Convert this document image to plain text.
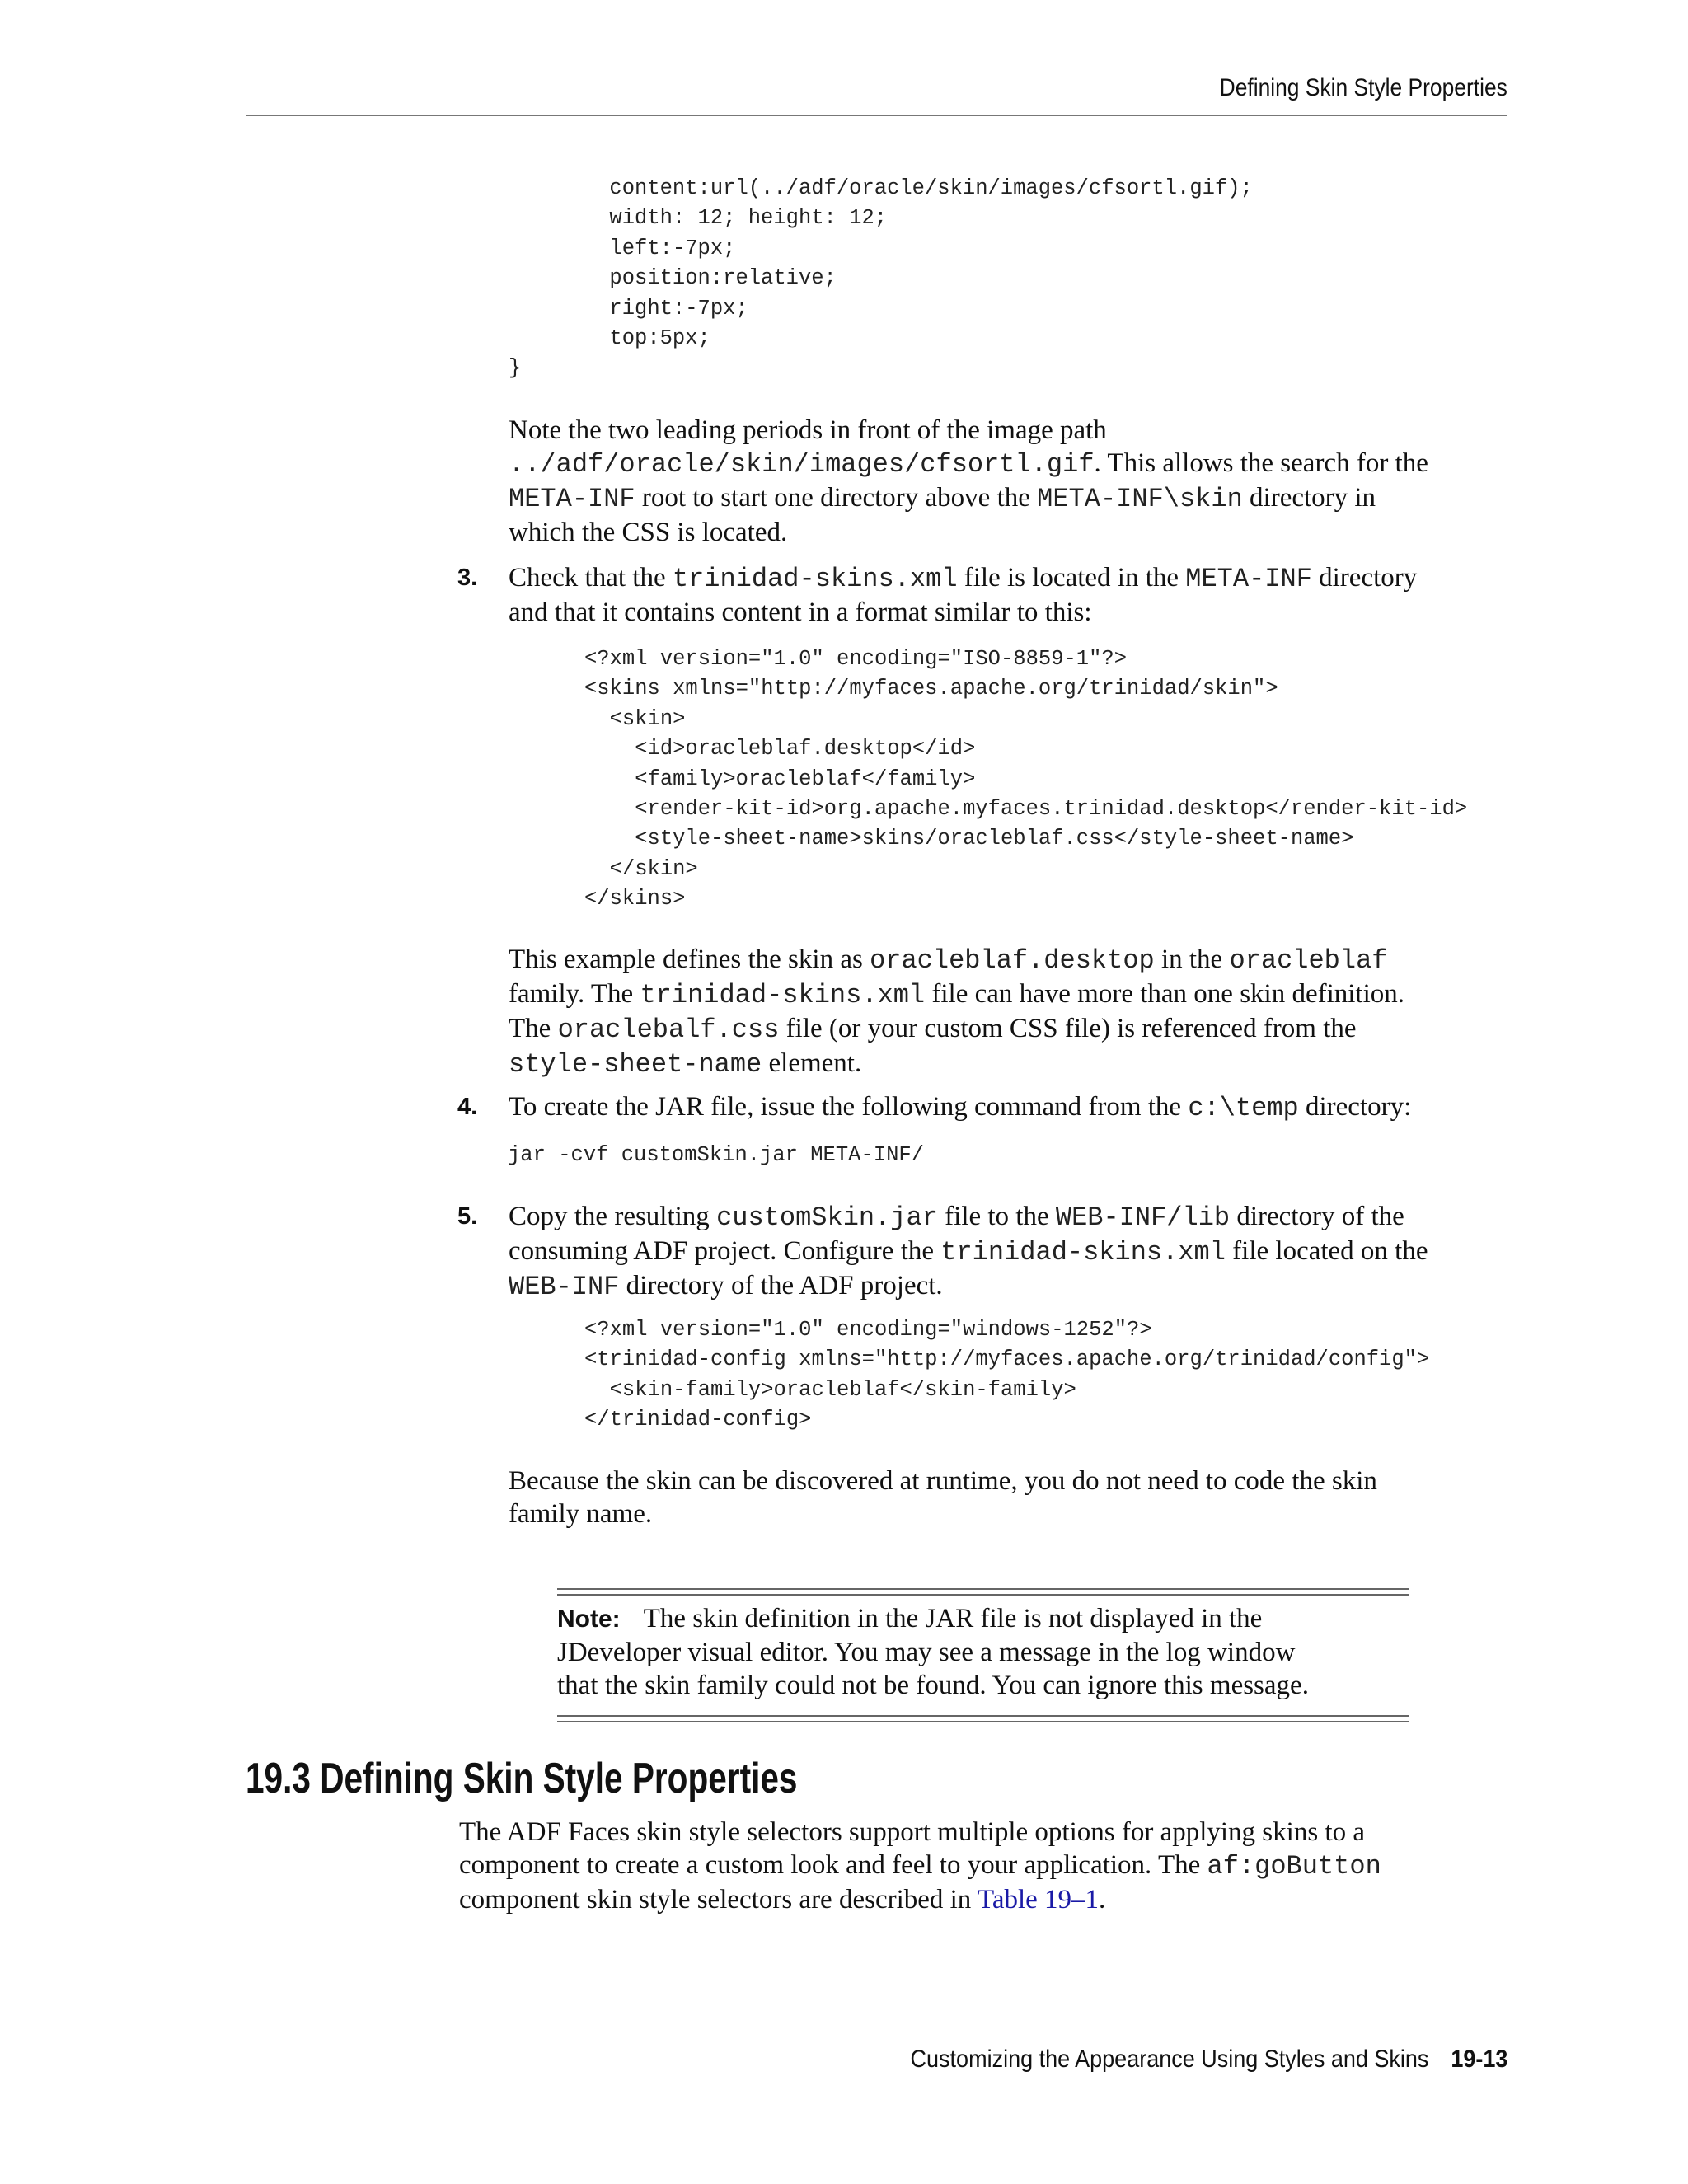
Defining Skin Style Properties
content:url(../adf/oracle/skin/images/cfsortl.gif);
width: 12; height: 12;
left:-7px;
position:relative;
right:-7px;
top:5px;
}
Note the two leading periods in front of the image path
../adf/oracle/skin/images/cfsortl.gif. This allows the search for the
META-INF root to start one directory above the META-INF\skin directory in
which the CSS is located.
3. Check that the trinidad-skins.xml file is located in the META-INF directory
and that it contains content in a format similar to this:
<?xml version="1.0" encoding="ISO-8859-1"?>
<skins xmlns="http://myfaces.apache.org/trinidad/skin">
<skin>
<id>oracleblaf.desktop</id>
<family>oracleblaf</family>
<render-kit-id>org.apache.myfaces.trinidad.desktop</render-kit-id>
<style-sheet-name>skins/oracleblaf.css</style-sheet-name>
</skin>
</skins>
This example defines the skin as oracleblaf.desktop in the oracleblaf
family. The trinidad-skins.xml file can have more than one skin definition.
The oraclebalf.css file (or your custom CSS file) is referenced from the
style-sheet-name element.
4. To create the JAR file, issue the following command from the c:\temp directory:
jar -cvf customSkin.jar META-INF/
5. Copy the resulting customSkin.jar file to the WEB-INF/lib directory of the
consuming ADF project. Configure the trinidad-skins.xml file located on the
WEB-INF directory of the ADF project.
<?xml version="1.0" encoding="windows-1252"?>
<trinidad-config xmlns="http://myfaces.apache.org/trinidad/config">
<skin-family>oracleblaf</skin-family>
</trinidad-config>
Because the skin can be discovered at runtime, you do not need to code the skin
family name.
Note: The skin definition in the JAR file is not displayed in the
JDeveloper visual editor. You may see a message in the log window
that the skin family could not be found. You can ignore this message.
19.3 Defining Skin Style Properties
The ADF Faces skin style selectors support multiple options for applying skins to a
component to create a custom look and feel to your application. The af:goButton
component skin style selectors are described in Table 19–1.
Customizing the Appearance Using Styles and Skins 19-13
